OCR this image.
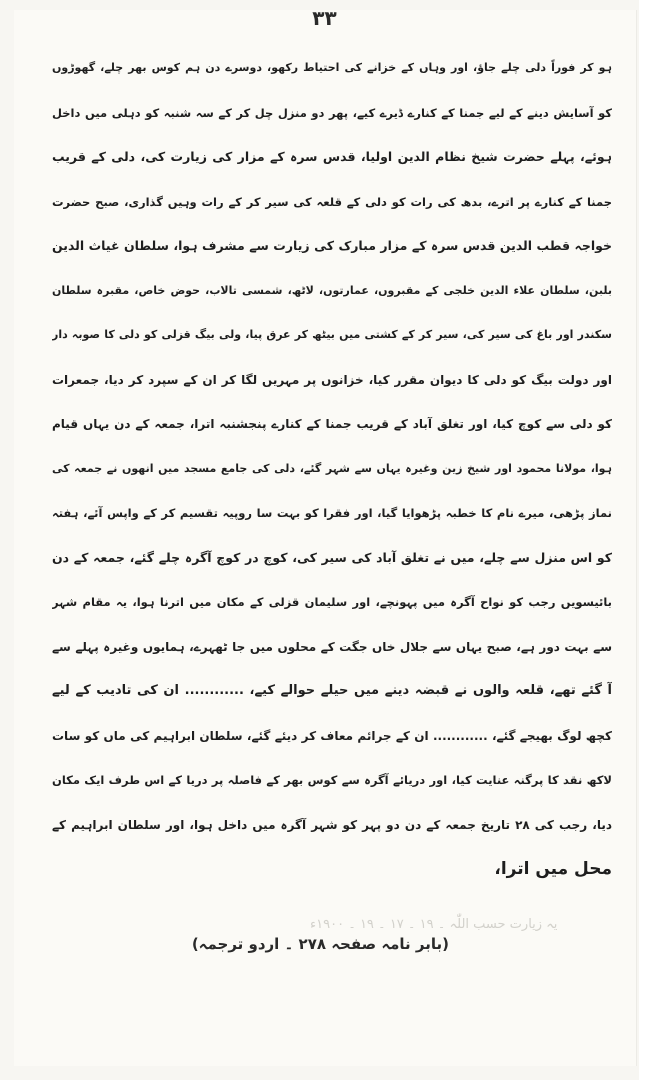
۳۳
ہو کر فوراً دلی چلے جاؤ، اور وہاں کے خزانے کی احتیاط رکھو، دوسرے دن ہم کوس بھر چلے، گھوڑوں
کو آسایش دینے کے لیے جمنا کے کنارے ڈیرے کیے، پھر دو منزل چل کر کے سہ شنبہ کو دہلی میں داخل
ہوئے، پہلے حضرت شیخ نظام الدین اولیا، قدس سرہ کے مزار کی زیارت کی، دلی کے قریب
جمنا کے کنارے پر اترے، بدھ کی رات کو دلی کے قلعہ کی سیر کر کے رات وہیں گذاری، صبح حضرت
خواجہ قطب الدین قدس سرہ کے مزار مبارک کی زیارت سے مشرف ہوا، سلطان غیاث الدین
بلبن، سلطان علاء الدین خلجی کے مقبروں، عمارتوں، لاٹھ، شمسی تالاب، حوض خاص، مقبرہ سلطان
سکندر اور باغ کی سیر کی، سیر کر کے کشتی میں بیٹھ کر عرق پیا، ولی بیگ قزلی کو دلی کا صوبہ دار
اور دولت بیگ کو دلی کا دیوان مقرر کیا، خزانوں پر مہریں لگا کر ان کے سپرد کر دیا، جمعرات
کو دلی سے کوچ کیا، اور تغلق آباد کے قریب جمنا کے کنارے پنجشنبہ اترا، جمعہ کے دن یہاں قیام
ہوا، مولانا محمود اور شیخ زین وغیرہ یہاں سے شہر گئے، دلی کی جامع مسجد میں انھوں نے جمعہ کی
نماز پڑھی، میرے نام کا خطبہ پڑھوایا گیا، اور فقرا کو بہت سا روپیہ تقسیم کر کے واپس آئے، ہفتہ
کو اس منزل سے چلے، میں نے تغلق آباد کی سیر کی، کوچ در کوچ آگرہ چلے گئے، جمعہ کے دن
بائیسویں رجب کو نواح آگرہ میں پہونچے، اور سلیمان قزلی کے مکان میں اترنا ہوا، یہ مقام شہر
سے بہت دور ہے، صبح یہاں سے جلال خاں جگت کے محلوں میں جا ٹھہرے، ہمایوں وغیرہ پہلے سے
آ گئے تھے، قلعہ والوں نے قبضہ دینے میں حیلے حوالے کیے، ............ ان کی تادیب کے لیے
کچھ لوگ بھیجے گئے، ............ ان کے جرائم معاف کر دیئے گئے، سلطان ابراہیم کی ماں کو سات
لاکھ نقد کا پرگنہ عنایت کیا، اور دریائے آگرہ سے کوس بھر کے فاصلہ پر دریا کے اس طرف ایک مکان
دیا، رجب کی ۲۸ تاریخ جمعہ کے دن دو پہر کو شہر آگرہ میں داخل ہوا، اور سلطان ابراہیم کے
محل میں اترا،
یہ زیارت حسب اللّٰہ ۔ ۱۹ ۔ ۱۷ ۔ ۱۹ ۔ ۱۹۰۰ء
(بابر نامہ صفحہ ۲۷۸ ۔ اردو ترجمہ)
